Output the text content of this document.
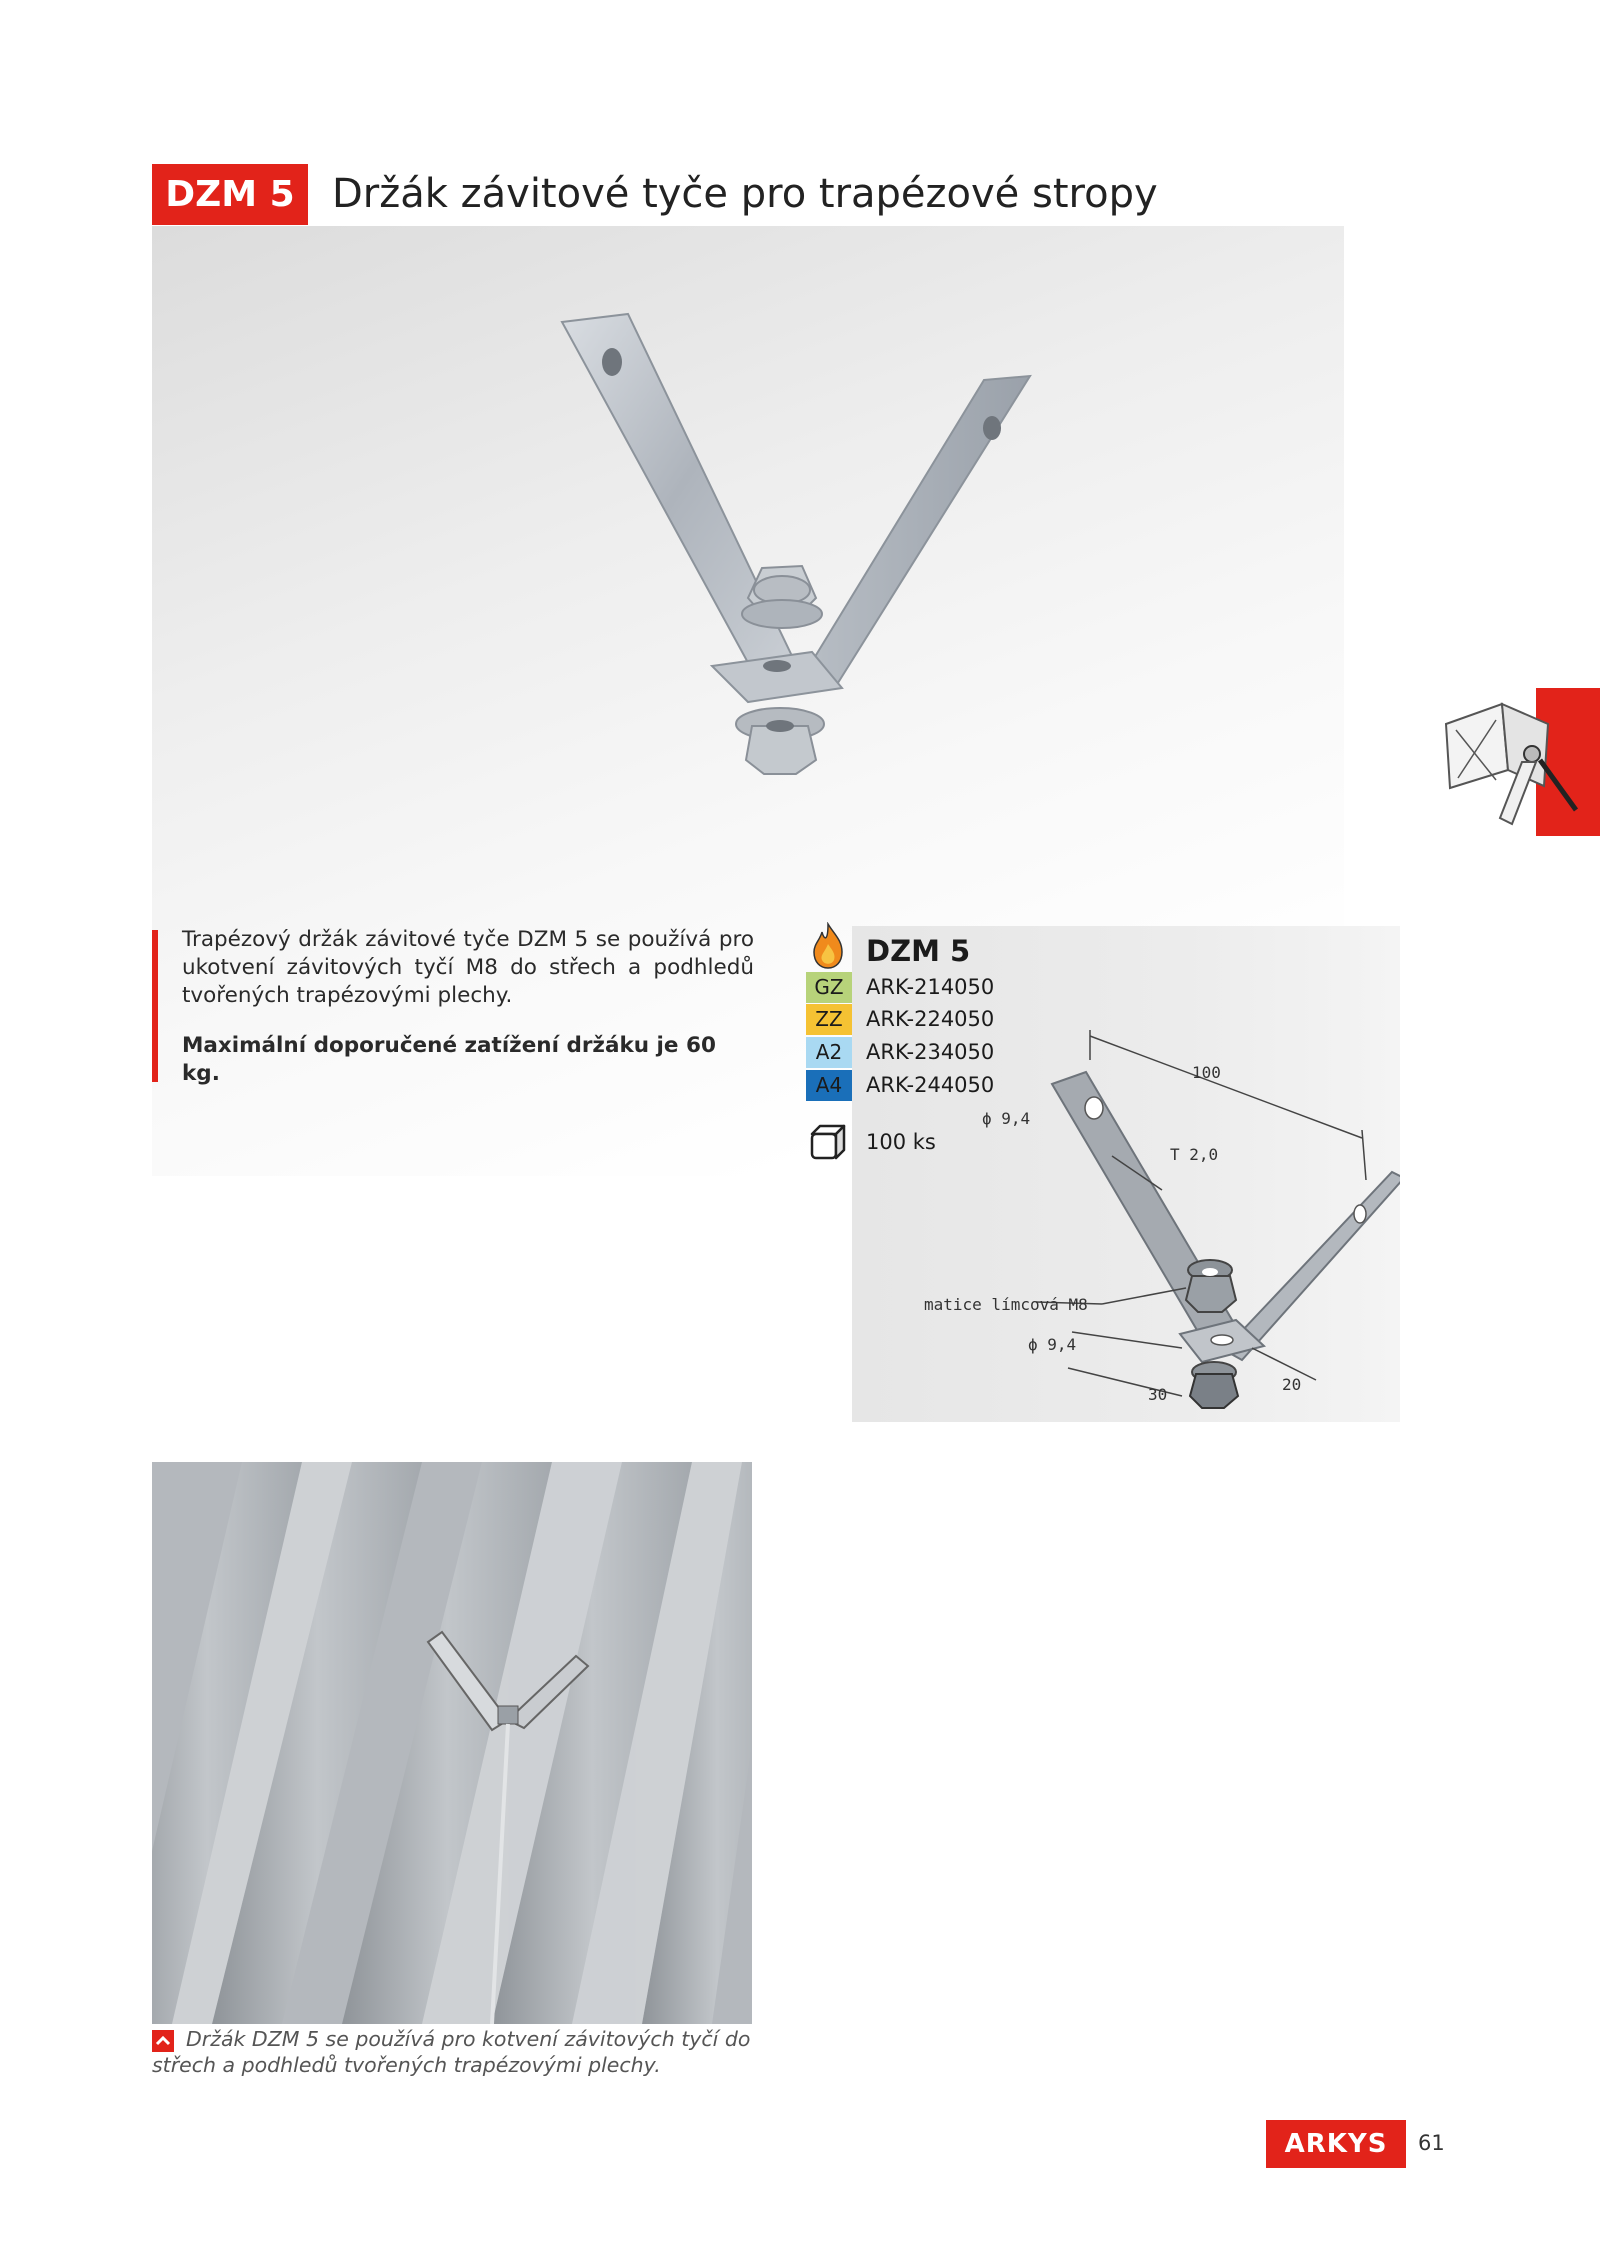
DZM 5 Držák závitové tyče pro trapézové stropy
Trapézový držák závitové tyče DZM 5 se používá pro ukotvení závitových tyčí M8 do střech a podhledů tvořených trapézovými plechy.
Maximální doporučené zatížení držáku je 60 kg.
DZM 5
GZ	ARK-214050
ZZ	ARK-224050
A2	ARK-234050
A4	ARK-244050
100 ks
100
ϕ 9,4
T 2,0
matice límcová M8
ϕ 9,4
30
20
Držák DZM 5 se používá pro kotvení závitových tyčí do střech a podhledů tvořených trapézovými plechy.
ARKYS	61
